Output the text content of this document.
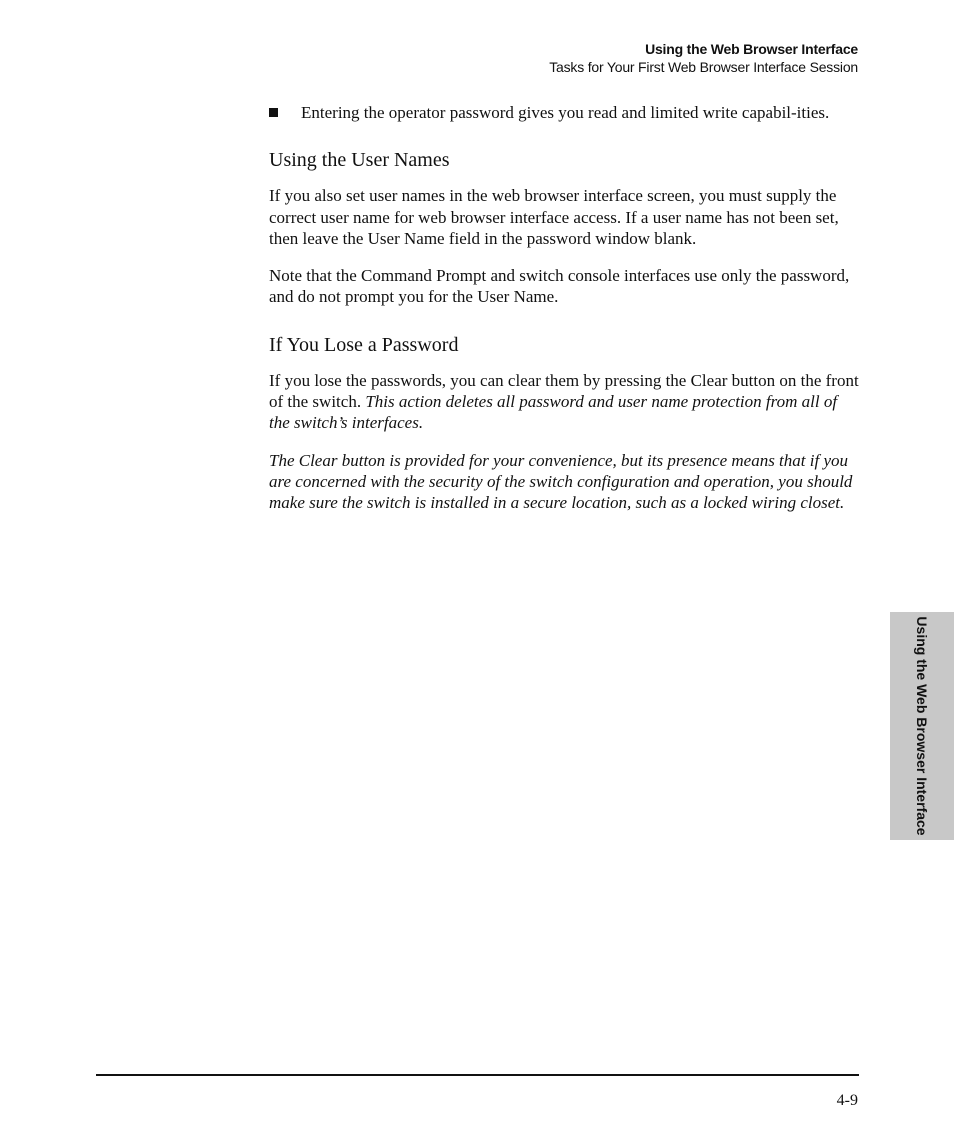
Using the Web Browser Interface
Tasks for Your First Web Browser Interface Session

Entering the operator password gives you read and limited write capabil-ities.

Using the User Names

If you also set user names in the web browser interface screen, you must supply the correct user name for web browser interface access. If a user name has not been set, then leave the User Name field in the password window blank.

Note that the Command Prompt and switch console interfaces use only the password, and do not prompt you for the User Name.

If You Lose a Password

If you lose the passwords, you can clear them by pressing the Clear button on the front of the switch. This action deletes all password and user name protection from all of the switch’s interfaces.

The Clear button is provided for your convenience, but its presence means that if you are concerned with the security of the switch configuration and operation, you should make sure the switch is installed in a secure location, such as a locked wiring closet.

Using the Web Browser Interface
4-9
